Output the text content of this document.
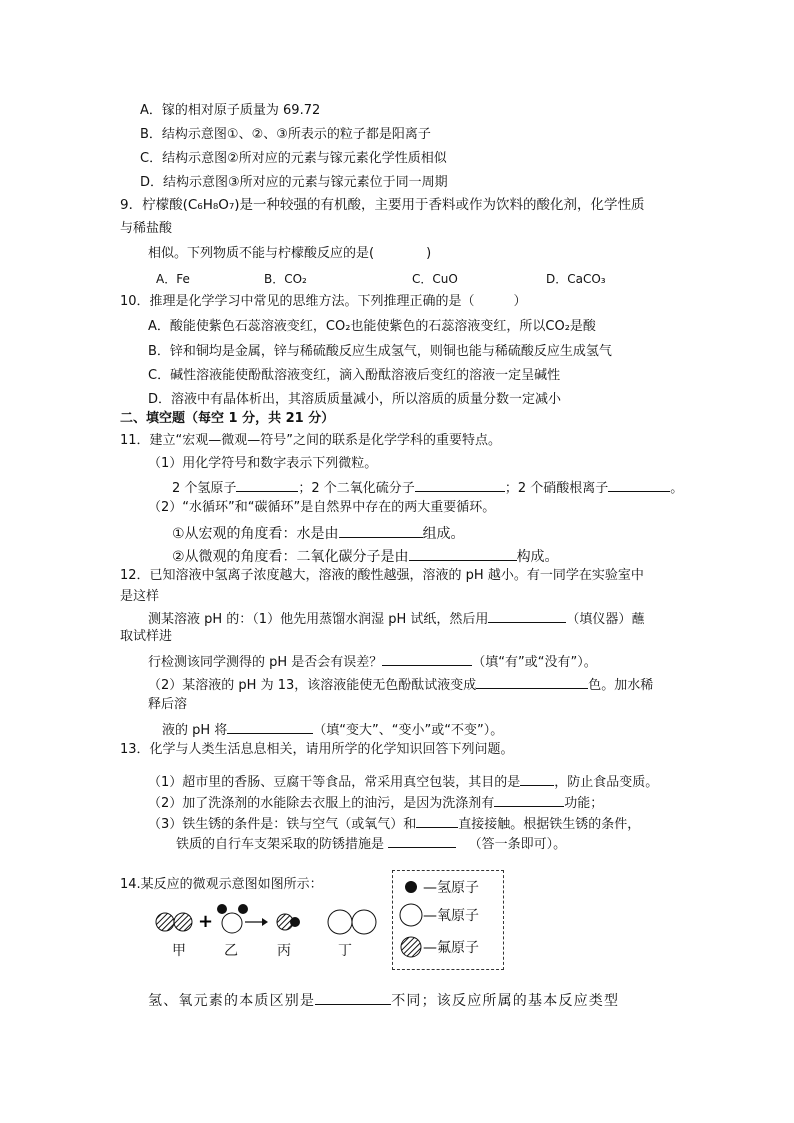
A．镓的相对原子质量为 69.72
B．结构示意图①、②、③所表示的粒子都是阳离子
C．结构示意图②所对应的元素与镓元素化学性质相似
D．结构示意图③所对应的元素与镓元素位于同一周期
9．柠檬酸(C₆H₈O₇)是一种较强的有机酸，主要用于香料或作为饮料的酸化剂，化学性质
与稀盐酸
相似。下列物质不能与柠檬酸反应的是(　　　　)
A．Fe	B．CO₂	C．CuO	D．CaCO₃
10．推理是化学学习中常见的思维方法。下列推理正确的是（　　　）
A．酸能使紫色石蕊溶液变红，CO₂也能使紫色的石蕊溶液变红，所以CO₂是酸
B．锌和铜均是金属，锌与稀硫酸反应生成氢气，则铜也能与稀硫酸反应生成氢气
C．碱性溶液能使酚酞溶液变红，滴入酚酞溶液后变红的溶液一定呈碱性
D．溶液中有晶体析出，其溶质质量减小，所以溶质的质量分数一定减小
二、填空题（每空 1 分，共 21 分）
11．建立“宏观—微观—符号”之间的联系是化学学科的重要特点。
（1）用化学符号和数字表示下列微粒。
2 个氢原子	；2 个二氧化硫分子	；2 个硝酸根离子	。
（2）“水循环”和“碳循环”是自然界中存在的两大重要循环。
①从宏观的角度看：水是由	组成。
②从微观的角度看：二氧化碳分子是由	构成。
12．已知溶液中氢离子浓度越大，溶液的酸性越强，溶液的 pH 越小。有一同学在实验室中
是这样
测某溶液 pH 的：（1）他先用蒸馏水润湿 pH 试纸，然后用	（填仪器）蘸
取试样进
行检测该同学测得的 pH 是否会有误差？	（填“有”或“没有”）。
（2）某溶液的 pH 为 13，该溶液能使无色酚酞试液变成	色。加水稀
释后溶
液的 pH 将	（填“变大”、“变小”或“不变”）。
13．化学与人类生活息息相关，请用所学的化学知识回答下列问题。
（1）超市里的香肠、豆腐干等食品，常采用真空包装，其目的是	，防止食品变质。
（2）加了洗涤剂的水能除去衣服上的油污，是因为洗涤剂有	功能；
（3）铁生锈的条件是：铁与空气（或氧气）和	直接接触。根据铁生锈的条件，
铁质的自行车支架采取的防锈措施是	（答一条即可）。
14.某反应的微观示意图如图所示：
+
甲	乙	丙	丁
—氢原子
—氧原子
—氟原子
氢、氧元素的本质区别是	不同；该反应所属的基本反应类型
